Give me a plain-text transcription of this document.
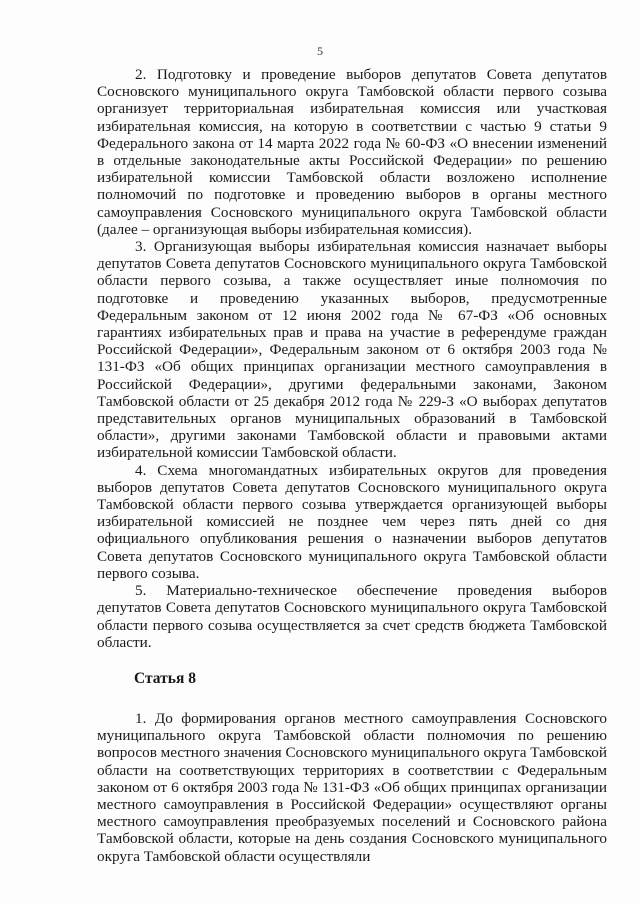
5

2. Подготовку и проведение выборов депутатов Совета депутатов Сосновского муниципального округа Тамбовской области первого созыва организует территориальная избирательная комиссия или участковая избирательная комиссия, на которую в соответствии с частью 9 статьи 9 Федерального закона от 14 марта 2022 года № 60-ФЗ «О внесении изменений в отдельные законодательные акты Российской Федерации» по решению избирательной комиссии Тамбовской области возложено исполнение полномочий по подготовке и проведению выборов в органы местного самоуправления Сосновского муниципального округа Тамбовской области (далее – организующая выборы избирательная комиссия).

3. Организующая выборы избирательная комиссия назначает выборы депутатов Совета депутатов Сосновского муниципального округа Тамбовской области первого созыва, а также осуществляет иные полномочия по подготовке и проведению указанных выборов, предусмотренные Федеральным законом от 12 июня 2002 года № 67-ФЗ «Об основных гарантиях избирательных прав и права на участие в референдуме граждан Российской Федерации», Федеральным законом от 6 октября 2003 года № 131-ФЗ «Об общих принципах организации местного самоуправления в Российской Федерации», другими федеральными законами, Законом Тамбовской области от 25 декабря 2012 года № 229-З «О выборах депутатов представительных органов муниципальных образований в Тамбовской области», другими законами Тамбовской области и правовыми актами избирательной комиссии Тамбовской области.

4. Схема многомандатных избирательных округов для проведения выборов депутатов Совета депутатов Сосновского муниципального округа Тамбовской области первого созыва утверждается организующей выборы избирательной комиссией не позднее чем через пять дней со дня официального опубликования решения о назначении выборов депутатов Совета депутатов Сосновского муниципального округа Тамбовской области первого созыва.

5. Материально-техническое обеспечение проведения выборов депутатов Совета депутатов Сосновского муниципального округа Тамбовской области первого созыва осуществляется за счет средств бюджета Тамбовской области.

Статья 8

1. До формирования органов местного самоуправления Сосновского муниципального округа Тамбовской области полномочия по решению вопросов местного значения Сосновского муниципального округа Тамбовской области на соответствующих территориях в соответствии с Федеральным законом от 6 октября 2003 года № 131-ФЗ «Об общих принципах организации местного самоуправления в Российской Федерации» осуществляют органы местного самоуправления преобразуемых поселений и Сосновского района Тамбовской области, которые на день создания Сосновского муниципального округа Тамбовской области осуществляли
